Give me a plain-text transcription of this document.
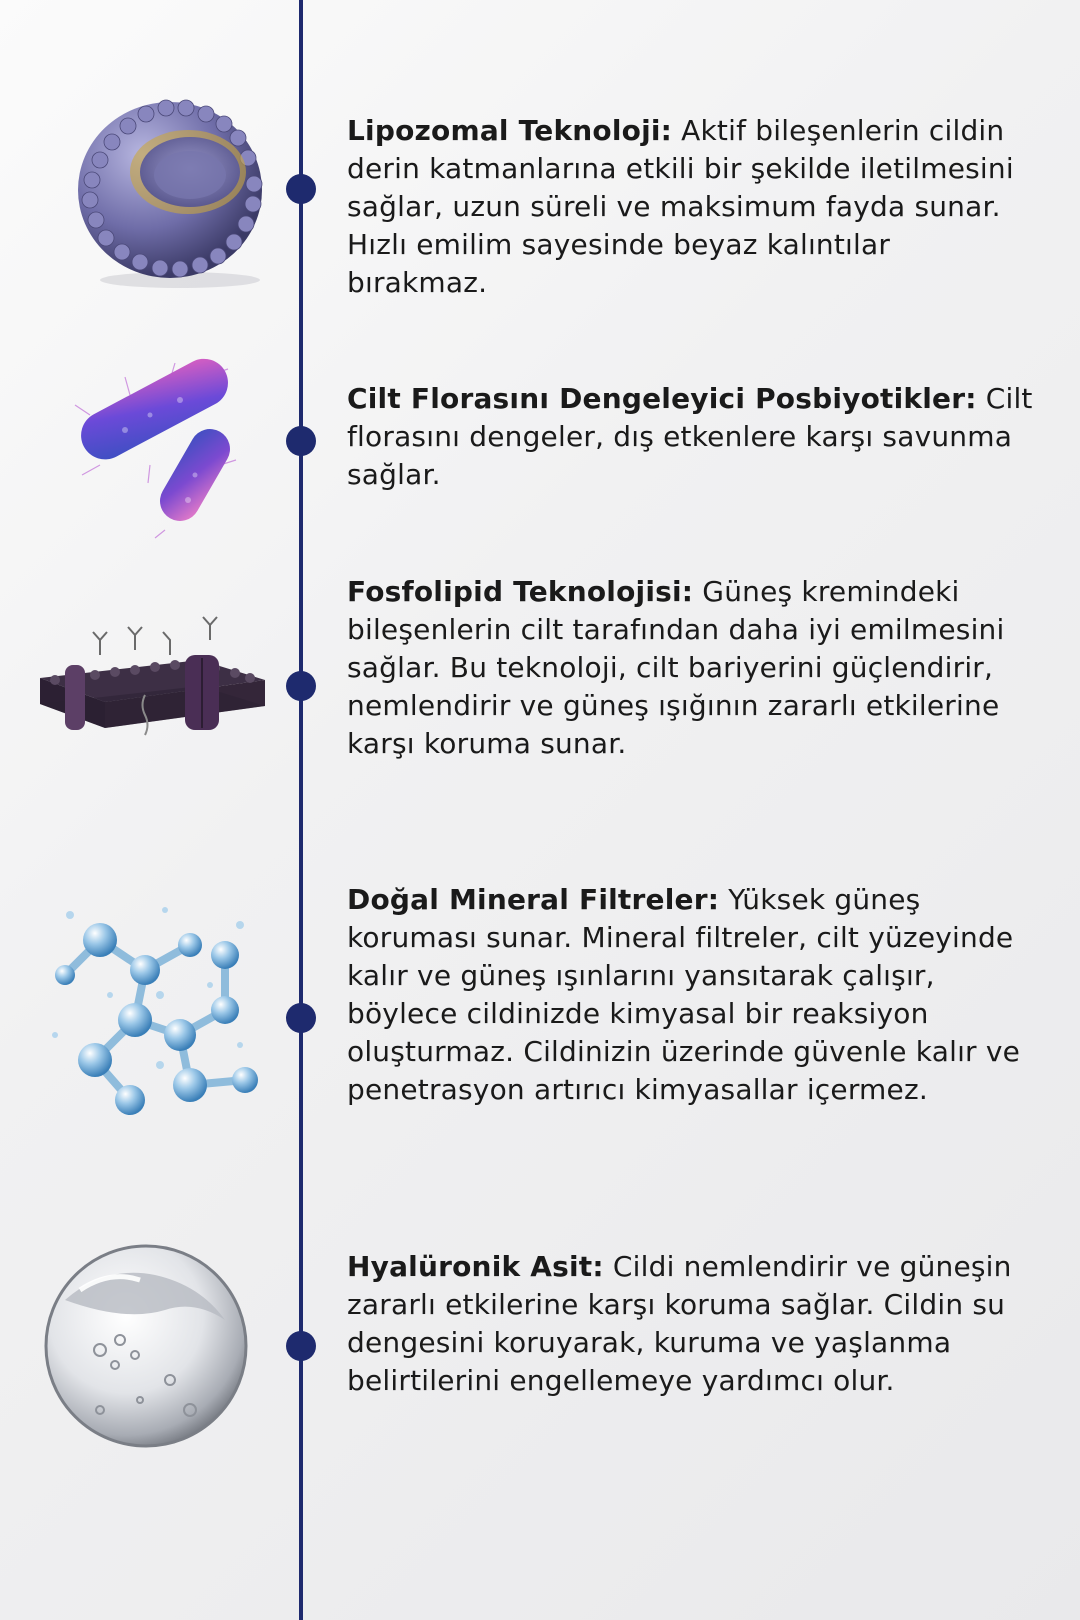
Lipozomal Teknoloji: Aktif bileşenlerin cildin derin katmanlarına etkili bir şekilde iletilmesini sağlar, uzun süreli ve maksimum fayda sunar. Hızlı emilim sayesinde beyaz kalıntılar bırakmaz.
Cilt Florasını Dengeleyici Posbiyotikler: Cilt florasını dengeler, dış etkenlere karşı savunma sağlar.
Fosfolipid Teknolojisi: Güneş kremindeki bileşenlerin cilt tarafından daha iyi emilmesini sağlar. Bu teknoloji, cilt bariyerini güçlendirir, nemlendirir ve güneş ışığının zararlı etkilerine karşı koruma sunar.
Doğal Mineral Filtreler: Yüksek güneş koruması sunar. Mineral filtreler, cilt yüzeyinde kalır ve güneş ışınlarını yansıtarak çalışır, böylece cildinizde kimyasal bir reaksiyon oluşturmaz. Cildinizin üzerinde güvenle kalır ve penetrasyon artırıcı kimyasallar içermez.
Hyalüronik Asit: Cildi nemlendirir ve güneşin zararlı etkilerine karşı koruma sağlar. Cildin su dengesini koruyarak, kuruma ve yaşlanma belirtilerini engellemeye yardımcı olur.
